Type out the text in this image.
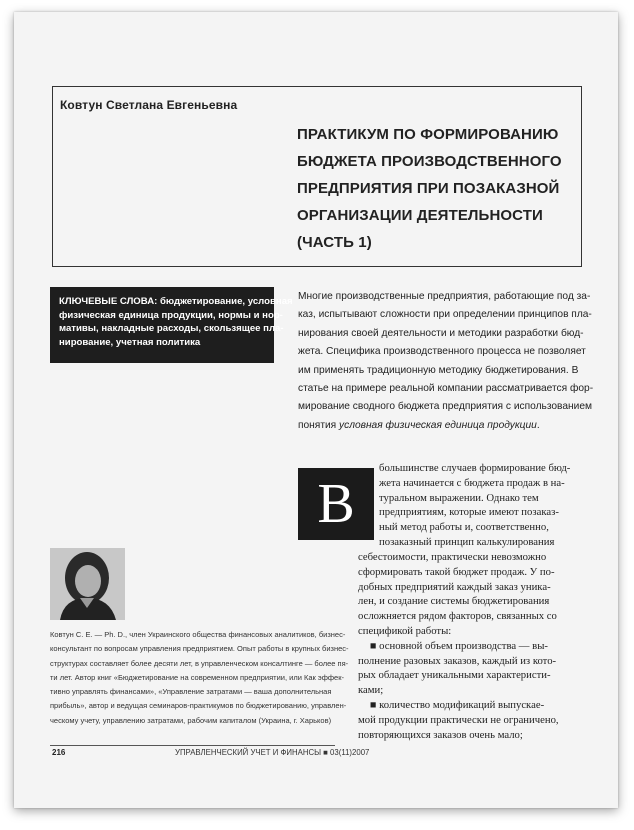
Ковтун Светлана Евгеньевна
ПРАКТИКУМ ПО ФОРМИРОВАНИЮ
БЮДЖЕТА ПРОИЗВОДСТВЕННОГО
ПРЕДПРИЯТИЯ ПРИ ПОЗАКАЗНОЙ
ОРГАНИЗАЦИИ ДЕЯТЕЛЬНОСТИ
(ЧАСТЬ 1)
КЛЮЧЕВЫЕ СЛОВА: бюджетирование, условная
физическая единица продукции, нормы и нор-
мативы, накладные расходы, скользящее пла-
нирование, учетная политика
Многие производственные предприятия, работающие под за-
каз, испытывают сложности при определении принципов пла-
нирования своей деятельности и методики разработки бюд-
жета. Специфика производственного процесса не позволяет
им применять традиционную методику бюджетирования. В
статье на примере реальной компании рассматривается фор-
мирование сводного бюджета предприятия с использованием
понятия условная физическая единица продукции.
В
большинстве случаев формирование бюд-
жета начинается с бюджета продаж в на-
туральном выражении. Однако тем
предприятиям, которые имеют позаказ-
ный метод работы и, соответственно,
позаказный принцип калькулирования
себестоимости, практически невозможно
сформировать такой бюджет продаж. У по-
добных предприятий каждый заказ уника-
лен, и создание системы бюджетирования
осложняется рядом факторов, связанных со
спецификой работы:
■ основной объем производства — вы-
полнение разовых заказов, каждый из кото-
рых обладает уникальными характеристи-
ками;
■ количество модификаций выпускае-
мой продукции практически не ограничено,
повторяющихся заказов очень мало;
Ковтун С. Е. — Ph. D., член Украинского общества финансовых аналитиков, бизнес-
консультант по вопросам управления предприятием. Опыт работы в крупных бизнес-
структурах составляет более десяти лет, в управленческом консалтинге — более пя-
ти лет. Автор книг «Бюджетирование на современном предприятии, или Как эффек-
тивно управлять финансами», «Управление затратами — ваша дополнительная
прибыль», автор и ведущая семинаров-практикумов по бюджетированию, управлен-
ческому учету, управлению затратами, рабочим капиталом (Украина, г. Харьков)
216	УПРАВЛЕНЧЕСКИЙ УЧЕТ И ФИНАНСЫ ■ 03(11)2007
